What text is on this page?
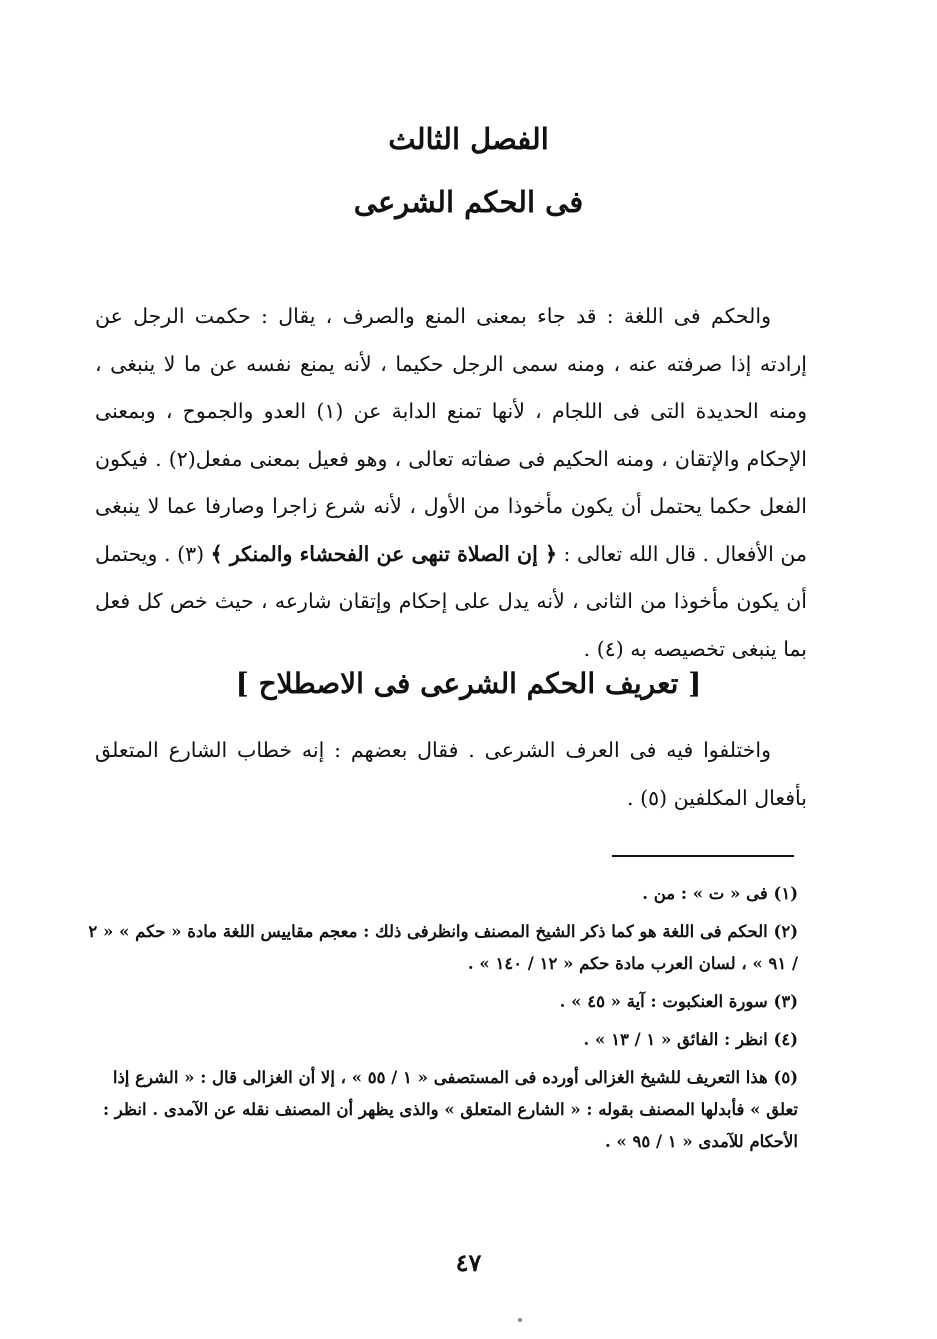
الفصل الثالث
فى الحكم الشرعى

والحكم فى اللغة : قد جاء بمعنى المنع والصرف ، يقال : حكمت الرجل عن إرادته إذا صرفته عنه ، ومنه سمى الرجل حكيما ، لأنه يمنع نفسه عن ما لا ينبغى ، ومنه الحديدة التى فى اللجام ، لأنها تمنع الدابة عن (١) العدو والجموح ، وبمعنى الإحكام والإتقان ، ومنه الحكيم فى صفاته تعالى ، وهو فعيل بمعنى مفعل(٢) . فيكون الفعل حكما يحتمل أن يكون مأخوذا من الأول ، لأنه شرع زاجرا وصارفا عما لا ينبغى من الأفعال . قال الله تعالى : ﴿ إن الصلاة تنهى عن الفحشاء والمنكر ﴾ (٣) . ويحتمل أن يكون مأخوذا من الثانى ، لأنه يدل على إحكام وإتقان شارعه ، حيث خص كل فعل بما ينبغى تخصيصه به (٤) .

[ تعريف الحكم الشرعى فى الاصطلاح ]

واختلفوا فيه فى العرف الشرعى . فقال بعضهم : إنه خطاب الشارع المتعلق بأفعال المكلفين (٥) .

(١) فى « ت » : من .
(٢) الحكم فى اللغة هو كما ذكر الشيخ المصنف وانظرفى ذلك : معجم مقاييس اللغة مادة « حكم » « ٢ / ٩١ » ، لسان العرب مادة حكم « ١٢ / ١٤٠ » .
(٣) سورة العنكبوت : آية « ٤٥ » .
(٤) انظر : الفائق « ١ / ١٣ » .
(٥) هذا التعريف للشيخ الغزالى أورده فى المستصفى « ١ / ٥٥ » ، إلا أن الغزالى قال : « الشرع إذا تعلق » فأبدلها المصنف بقوله : « الشارع المتعلق » والذى يظهر أن المصنف نقله عن الآمدى . انظر : الأحكام للآمدى « ١ / ٩٥ » .
٤٧
